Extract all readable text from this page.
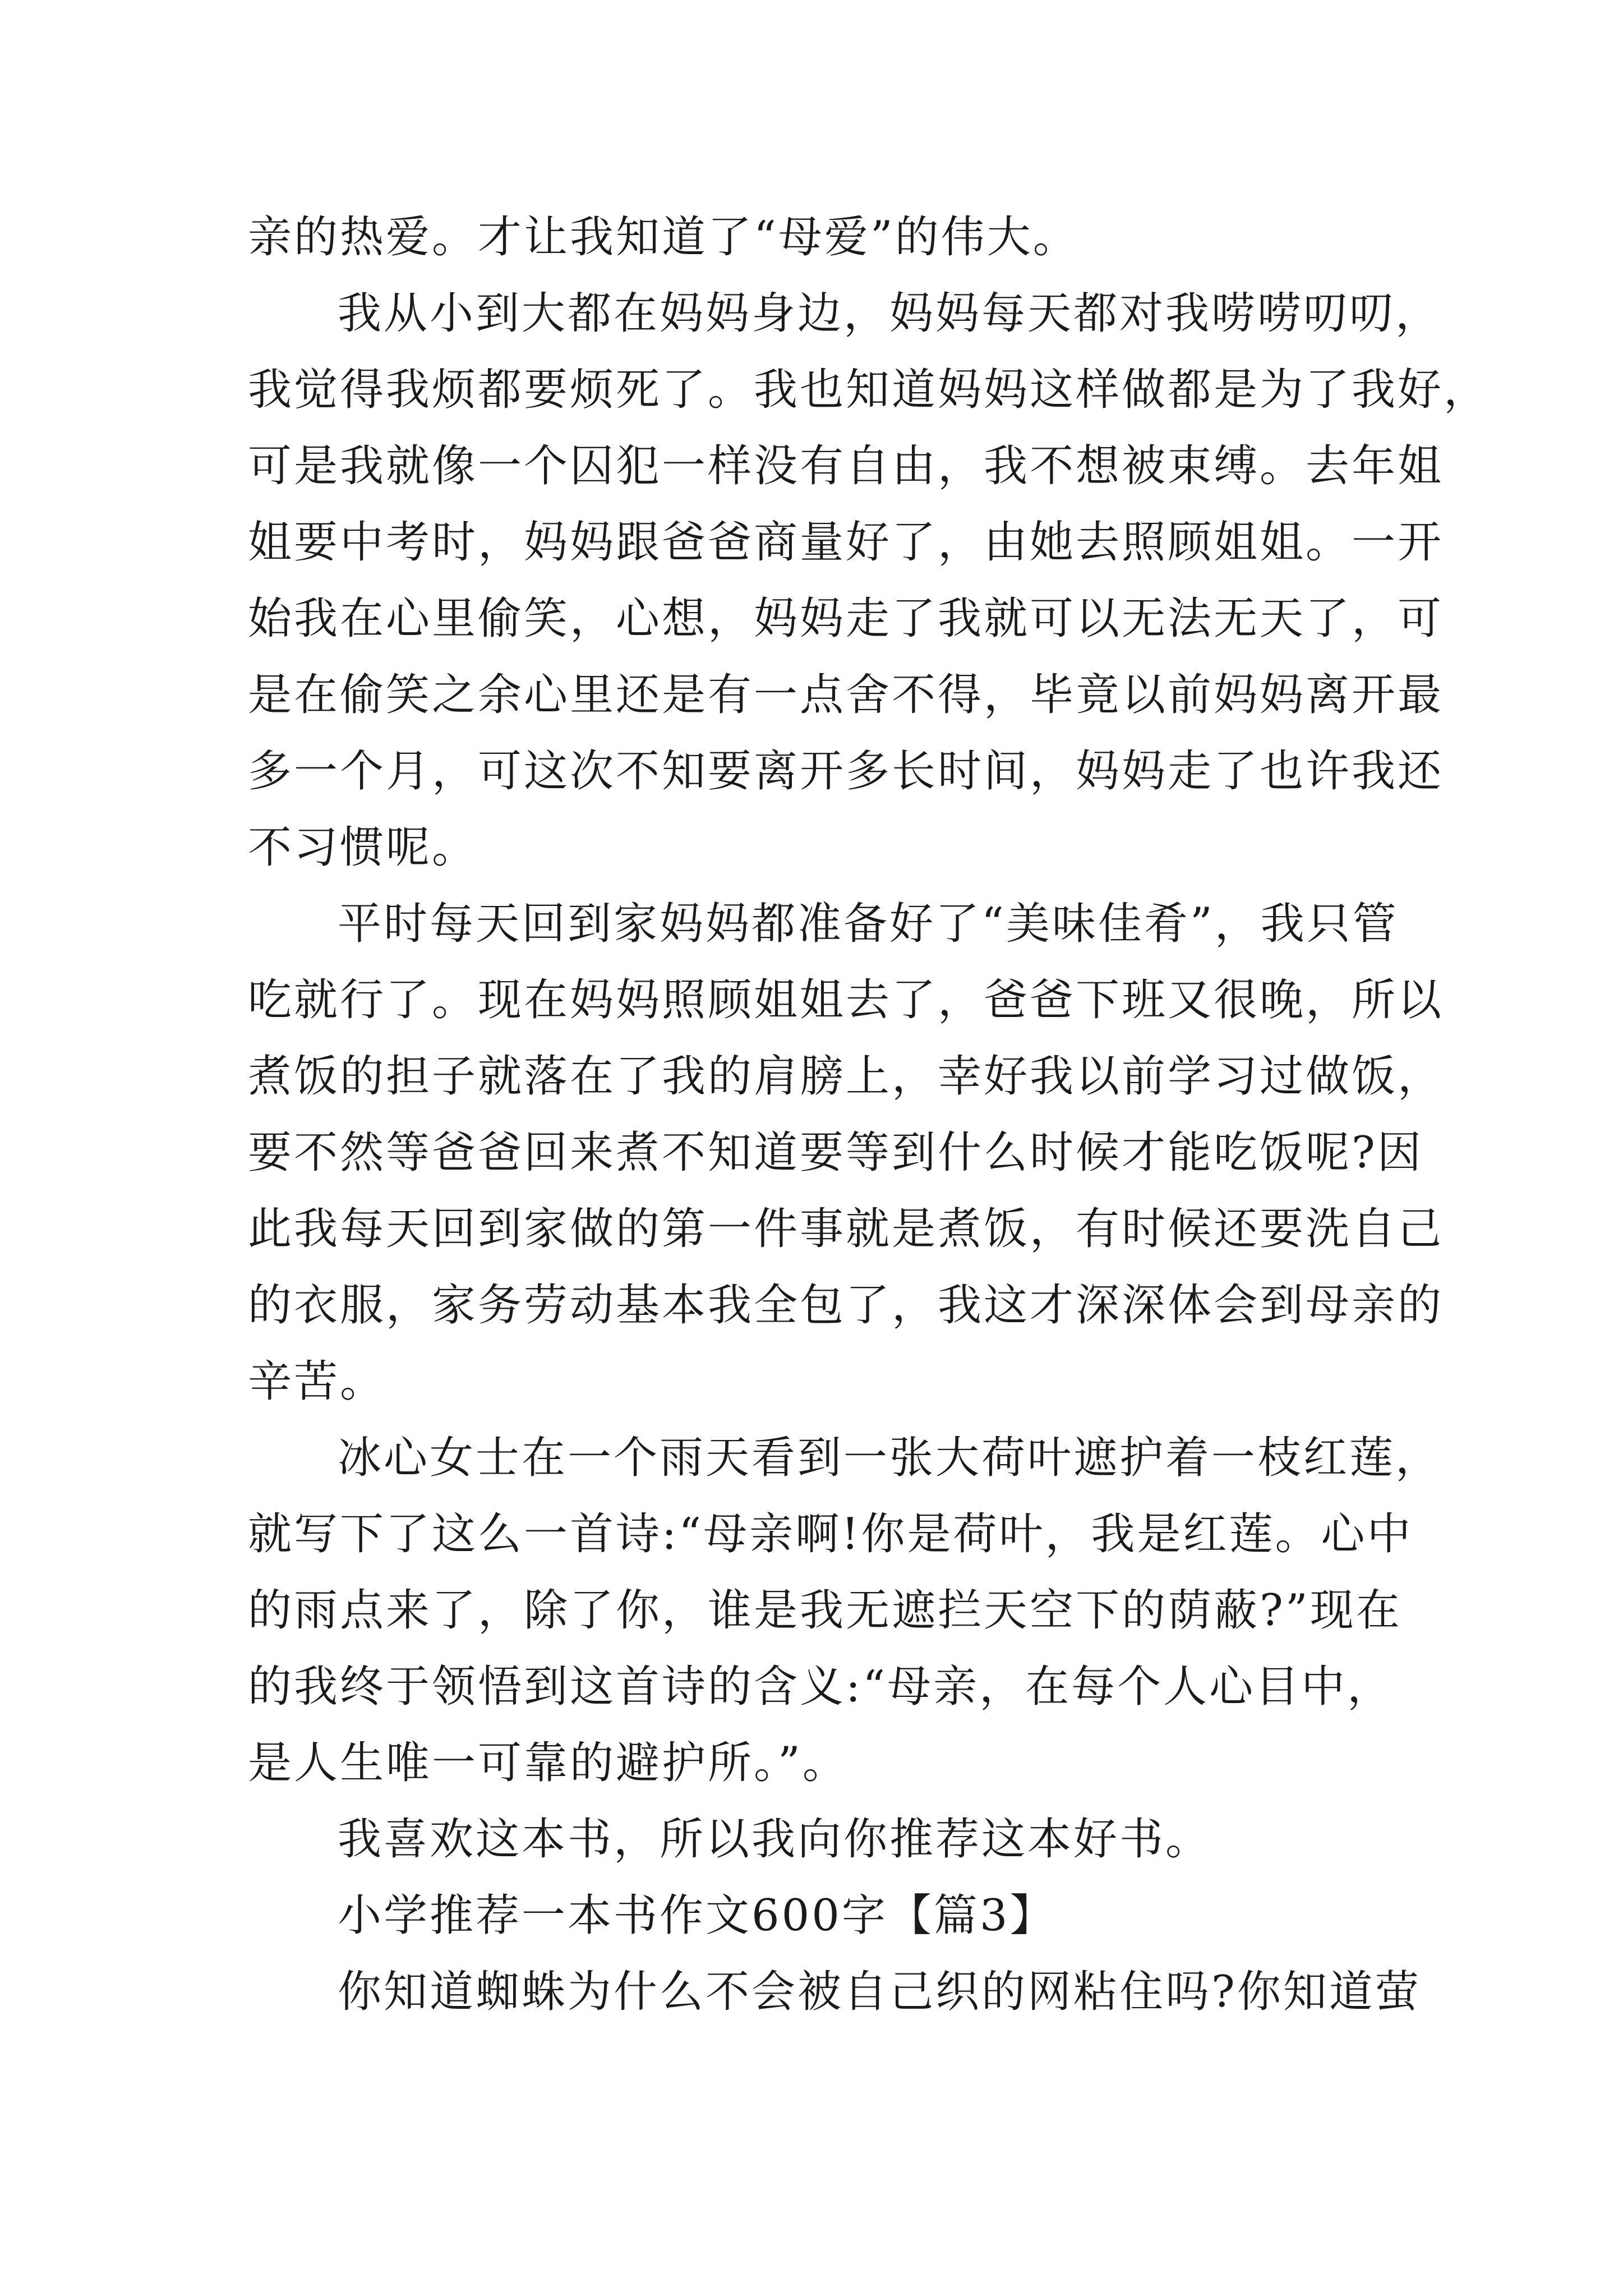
亲的热爱。才让我知道了“母爱”的伟大。
我从小到大都在妈妈身边，妈妈每天都对我唠唠叨叨，
我觉得我烦都要烦死了。我也知道妈妈这样做都是为了我好，
可是我就像一个囚犯一样没有自由，我不想被束缚。去年姐
姐要中考时，妈妈跟爸爸商量好了，由她去照顾姐姐。一开
始我在心里偷笑，心想，妈妈走了我就可以无法无天了，可
是在偷笑之余心里还是有一点舍不得，毕竟以前妈妈离开最
多一个月，可这次不知要离开多长时间，妈妈走了也许我还
不习惯呢。
平时每天回到家妈妈都准备好了“美味佳肴”，我只管
吃就行了。现在妈妈照顾姐姐去了，爸爸下班又很晚，所以
煮饭的担子就落在了我的肩膀上，幸好我以前学习过做饭，
要不然等爸爸回来煮不知道要等到什么时候才能吃饭呢?因
此我每天回到家做的第一件事就是煮饭，有时候还要洗自己
的衣服，家务劳动基本我全包了，我这才深深体会到母亲的
辛苦。
冰心女士在一个雨天看到一张大荷叶遮护着一枝红莲，
就写下了这么一首诗:“母亲啊!你是荷叶，我是红莲。心中
的雨点来了，除了你，谁是我无遮拦天空下的荫蔽?”现在
的我终于领悟到这首诗的含义:“母亲，在每个人心目中，
是人生唯一可靠的避护所。”。
我喜欢这本书，所以我向你推荐这本好书。
小学推荐一本书作文600字【篇3】
你知道蜘蛛为什么不会被自己织的网粘住吗?你知道萤
